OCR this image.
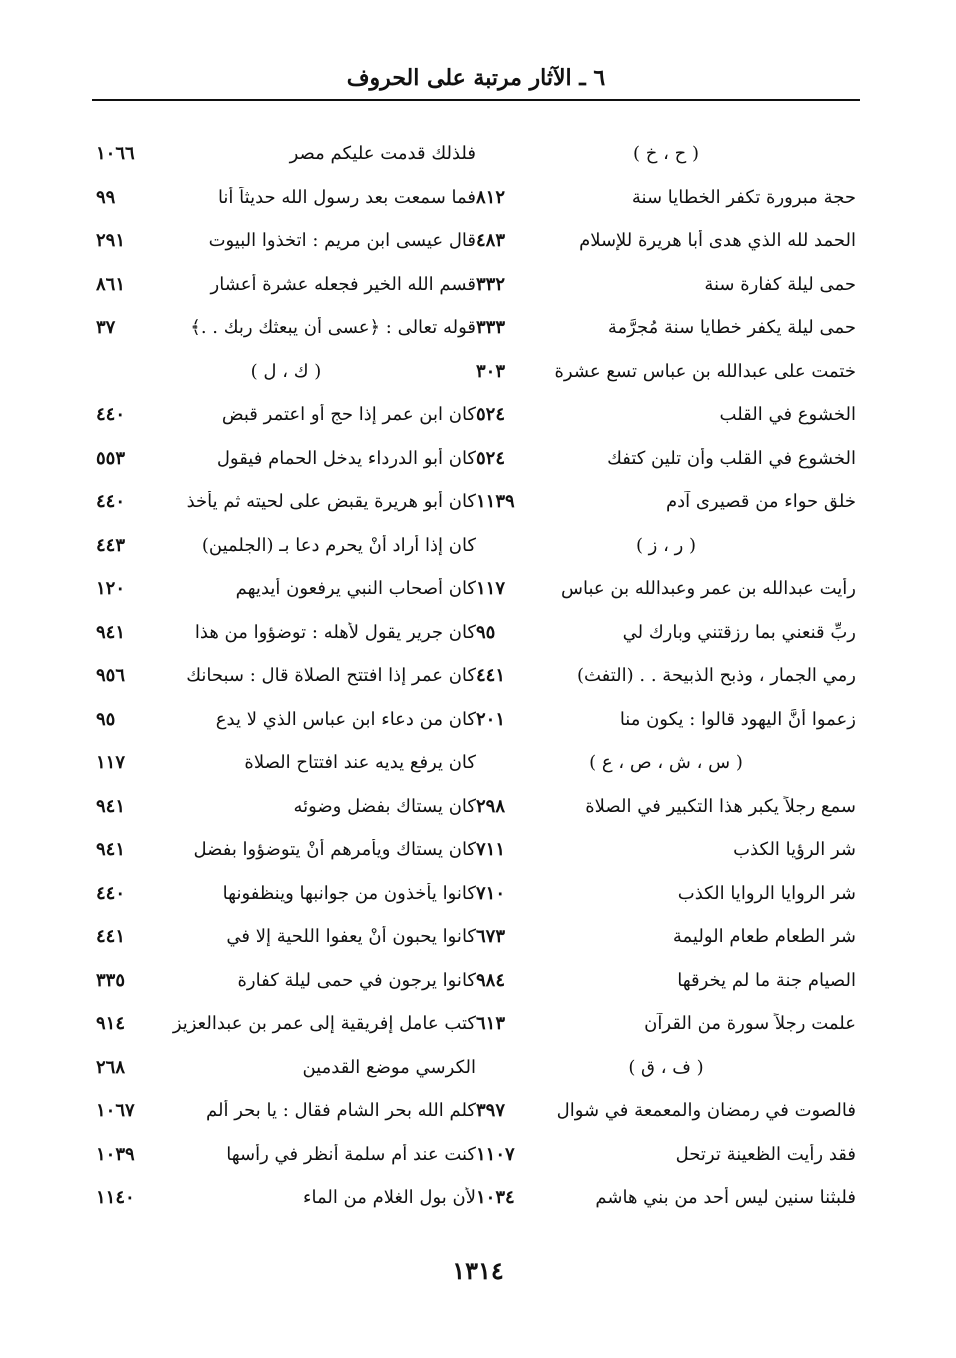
٦ ـ الآثار مرتبة على الحروف
( ح ، خ )
حجة مبرورة تكفر الخطايا سنة
٨١٢
الحمد لله الذي هدى أبا هريرة للإسلام
٤٨٣
حمى ليلة كفارة سنة
٣٣٢
حمى ليلة يكفر خطايا سنة مُجرَّمة
٣٣٣
ختمت على عبدالله بن عباس تسع عشرة
٣٠٣
الخشوع في القلب
٥٢٤
الخشوع في القلب وأن تلين كتفك
٥٢٤
خلق حواء من قصيرى آدم
١١٣٩
( ر ، ز )
رأيت عبدالله بن عمر وعبدالله بن عباس
١١٧
ربِّ قنعني بما رزقتني وبارك لي
٩٥
رمي الجمار ، وذبح الذبيحة . . (التفث)
٤٤١
زعموا أنَّ اليهود قالوا : يكون منا
٢٠١
( س ، ش ، ص ، ع )
سمع رجلاً يكبر هذا التكبير في الصلاة
٢٩٨
شر الرؤيا الكذب
٧١١
شر الروايا الروايا الكذب
٧١٠
شر الطعام طعام الوليمة
٦٧٣
الصيام جنة ما لم يخرقها
٩٨٤
علمت رجلاً سورة من القرآن
٦١٣
( ف ، ق )
فالصوت في رمضان والمعمعة في شوال
٣٩٧
فقد رأيت الظعينة ترتحل
١١٠٧
فلبثنا سنين ليس أحد من بني هاشم
١٠٣٤
فلذلك قدمت عليكم مصر
١٠٦٦
فما سمعت بعد رسول الله حديثاً أنا
٩٩
قال عيسى ابن مريم : اتخذوا البيوت
٢٩١
قسم الله الخير فجعله عشرة أعشار
٨٦١
قوله تعالى : ﴿عسى أن يبعثك ربك . .﴾
٣٧
( ك ، ل )
كان ابن عمر إذا حج أو اعتمر قبض
٤٤٠
كان أبو الدرداء يدخل الحمام فيقول
٥٥٣
كان أبو هريرة يقبض على لحيته ثم يأخذ
٤٤٠
كان إذا أراد أنْ يحرم دعا بـ (الجلمين)
٤٤٣
كان أصحاب النبي يرفعون أيديهم
١٢٠
كان جرير يقول لأهله : توضؤوا من هذا
٩٤١
كان عمر إذا افتتح الصلاة قال : سبحانك
٩٥٦
كان من دعاء ابن عباس الذي لا يدع
٩٥
كان يرفع يديه عند افتتاح الصلاة
١١٧
كان يستاك بفضل وضوئه
٩٤١
كان يستاك ويأمرهم أنْ يتوضؤوا بفضل
٩٤١
كانوا يأخذون من جوانبها وينظفونها
٤٤٠
كانوا يحبون أنْ يعفوا اللحية إلا في
٤٤١
كانوا يرجون في حمى ليلة كفارة
٣٣٥
كتب عامل إفريقية إلى عمر بن عبدالعزيز
٩١٤
الكرسي موضع القدمين
٢٦٨
كلم الله بحر الشام فقال : يا بحر ألم
١٠٦٧
كنت عند أم سلمة أنظر في رأسها
١٠٣٩
لأن بول الغلام من الماء
١١٤٠
١٣١٤
